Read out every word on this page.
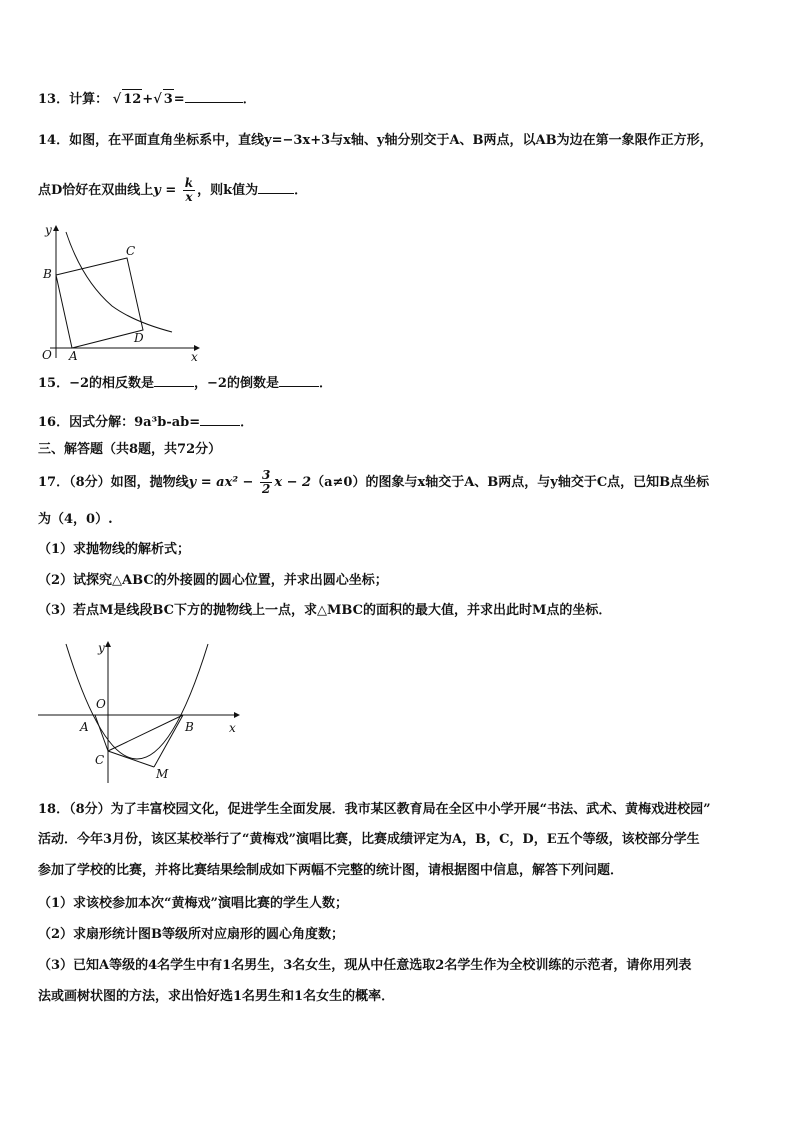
13．计算： √ 12+√ 3=	．
14．如图，在平面直角坐标系中，直线y=−3x+3与x轴、y轴分别交于A、B两点，以AB为边在第一象限作正方形，
点D恰好在双曲线上$y = \frac{k}{x}$ ，则k值为	．
y
x
O A
B
C
D
15．−2的相反数是	，−2的倒数是	．
16．因式分解：9a³b-ab=	．
三、解答题（共8题，共72分）
17．（8分）如图，抛物线$y = ax^2 - \frac{3}{2}$ x − 2（a≠0）的图象与x轴交于A、B两点，与y轴交于C点，已知B点坐标
为（4，0）.
（1）求抛物线的解析式；
（2）试探究△ABC的外接圆的圆心位置，并求出圆心坐标；
（3）若点M是线段BC下方的抛物线上一点，求△MBC的面积的最大值，并求出此时M点的坐标．
y
x
O
A	B
C
M
18．（8分）为了丰富校园文化，促进学生全面发展．我市某区教育局在全区中小学开展“书法、武术、黄梅戏进校园”
活动．今年3月份，该区某校举行了“黄梅戏”演唱比赛，比赛成绩评定为A，B，C，D，E五个等级，该校部分学生
参加了学校的比赛，并将比赛结果绘制成如下两幅不完整的统计图，请根据图中信息，解答下列问题．
（1）求该校参加本次“黄梅戏”演唱比赛的学生人数；
（2）求扇形统计图B等级所对应扇形的圆心角度数；
（3）已知A等级的4名学生中有1名男生，3名女生，现从中任意选取2名学生作为全校训练的示范者，请你用列表
法或画树状图的方法，求出恰好选1名男生和1名女生的概率．
